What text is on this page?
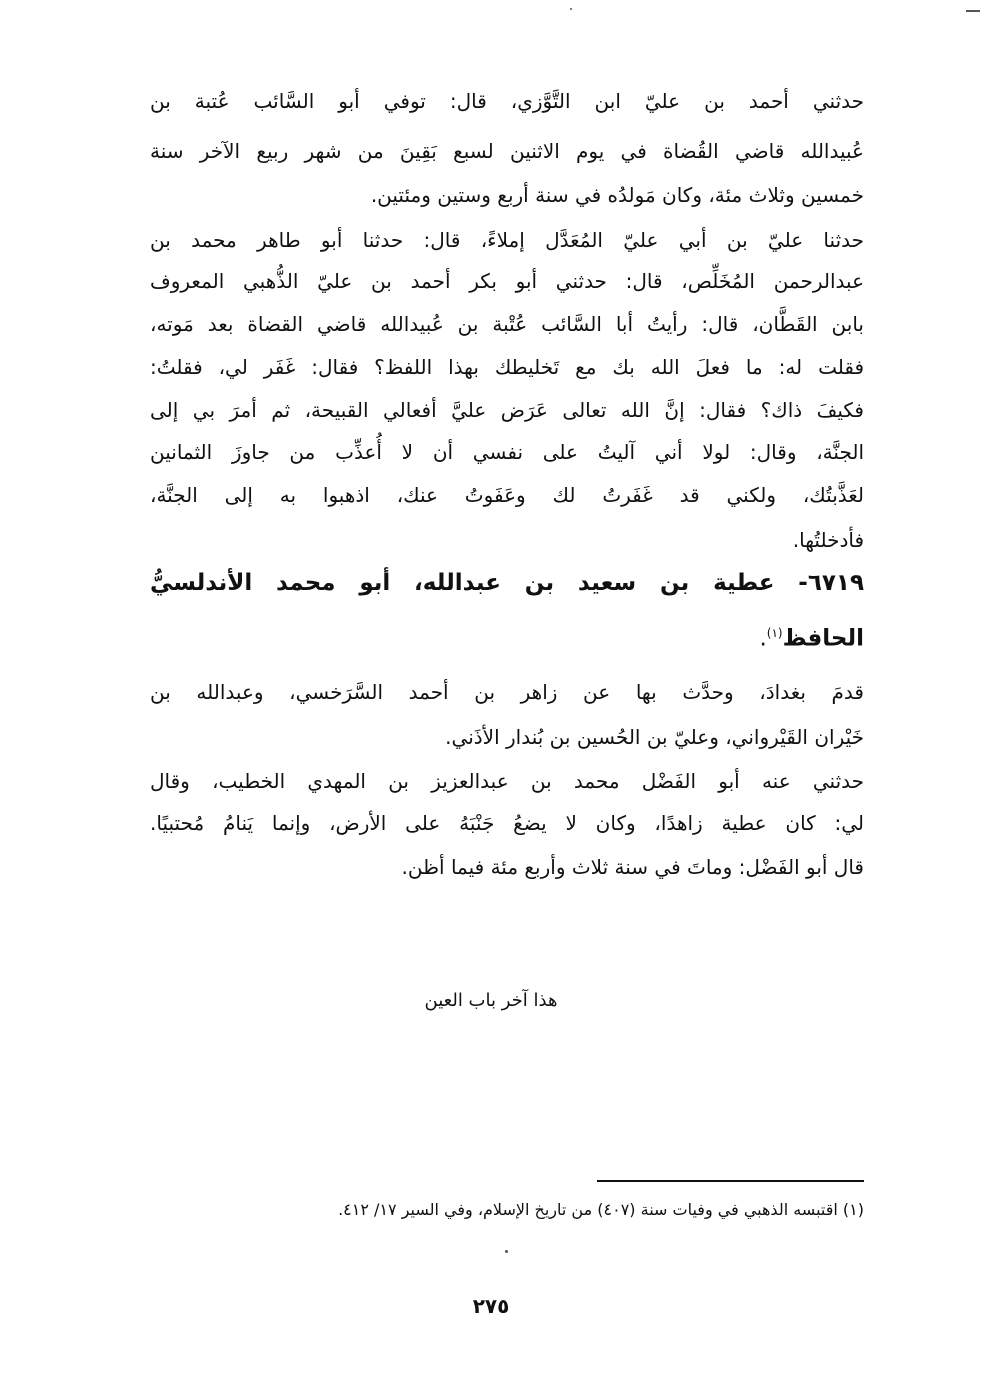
حدثني أحمد بن عليّ ابن التَّوَّزي، قال: توفي أبو السَّائب عُتبة بن
عُبيدالله قاضي القُضاة في يوم الاثنين لسبع بَقِينَ من شهر ربيع الآخر سنة
خمسين وثلاث مئة، وكان مَولدُه في سنة أربع وستين ومئتين.
حدثنا عليّ بن أبي عليّ المُعَدَّل إملاءً، قال: حدثنا أبو طاهر محمد بن
عبدالرحمن المُخَلِّص، قال: حدثني أبو بكر أحمد بن عليّ الذُّهبي المعروف
بابن القَطَّان، قال: رأيتُ أبا السَّائب عُتْبة بن عُبيدالله قاضي القضاة بعد مَوته،
فقلت له: ما فعلَ الله بك مع تَخليطك بهذا اللفظ؟ فقال: غَفَر لي، فقلتُ:
فكيفَ ذاك؟ فقال: إنَّ الله تعالى عَرَض عليَّ أفعالي القبيحة، ثم أمرَ بي إلى
الجنَّة، وقال: لولا أني آليتُ على نفسي أن لا أُعذِّب من جاوزَ الثمانين
لعَذَّبتُك، ولكني قد غَفَرتُ لك وعَفَوتُ عنك، اذهبوا به إلى الجنَّة،
فأدخلتُها.
٦٧١٩- عطية بن سعيد بن عبدالله، أبو محمد الأندلسيُّ
الحافظ$^{(١)}$.
قدمَ بغدادَ، وحدَّث بها عن زاهر بن أحمد السَّرَخسي، وعبدالله بن
خَيْران القَيْرواني، وعليّ بن الحُسين بن بُندار الأذَني.
حدثني عنه أبو الفَضْل محمد بن عبدالعزيز بن المهدي الخطيب، وقال
لي: كان عطية زاهدًا، وكان لا يضعُ جَنْبَهُ على الأرض، وإنما يَنامُ مُحتبيًا.
قال أبو الفَضْل: وماتَ في سنة ثلاث وأربع مئة فيما أظن.
هذا آخر باب العين
(١) اقتبسه الذهبي في وفيات سنة (٤٠٧) من تاريخ الإسلام، وفي السير ١٧/ ٤١٢.
٢٧٥
